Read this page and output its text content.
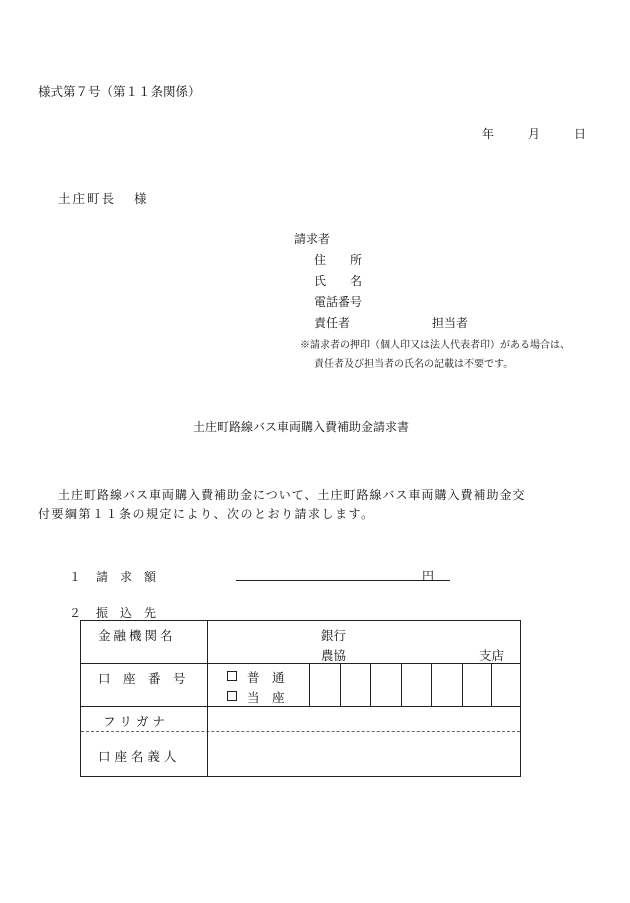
様式第７号（第１１条関係）
年	月	日
土庄町長 様
請求者
住　　所
氏　　名
電話番号
責任者	担当者
※請求者の押印（個人印又は法人代表者印）がある場合は、
責任者及び担当者の氏名の記載は不要です。
土庄町路線バス車両購入費補助金請求書
土庄町路線バス車両購入費補助金について、土庄町路線バス車両購入費補助金交
付要綱第１１条の規定により、次のとおり請求します。
１ 請　求　額	円
２ 振　込　先
金融機関名	銀行
農協	支店
口　座　番　号	普　通
当　座
フ リ ガ ナ
口 座 名 義 人
